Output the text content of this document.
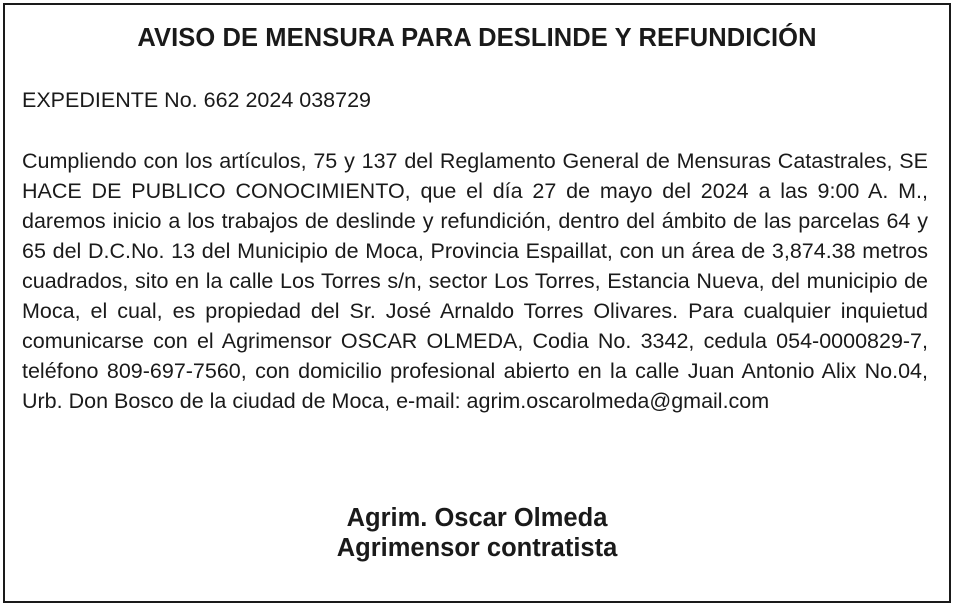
AVISO DE MENSURA PARA DESLINDE Y REFUNDICIÓN

EXPEDIENTE No. 662 2024 038729

Cumpliendo con los artículos, 75 y 137 del Reglamento General de Mensuras Catastrales, SE HACE DE PUBLICO CONOCIMIENTO, que el día 27 de mayo del 2024 a las 9:00 A. M., daremos inicio a los trabajos de deslinde y refundición, dentro del ámbito de las parcelas 64 y 65 del D.C.No. 13 del Municipio de Moca, Provincia Espaillat, con un área de 3,874.38 metros cuadrados, sito en la calle Los Torres s/n, sector Los Torres, Estancia Nueva, del municipio de Moca, el cual, es propiedad del Sr. José Arnaldo Torres Olivares. Para cualquier inquietud comunicarse con el Agrimensor OSCAR OLMEDA, Codia No. 3342, cedula 054-0000829-7, teléfono 809-697-7560, con domicilio profesional abierto en la calle Juan Antonio Alix No.04, Urb. Don Bosco de la ciudad de Moca, e-mail: agrim.oscarolmeda@gmail.com

Agrim. Oscar Olmeda
Agrimensor contratista
